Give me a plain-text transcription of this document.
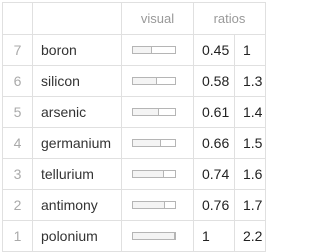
		visual	ratios	
7	boron		0.45	1
6	silicon		0.58	1.3
5	arsenic		0.61	1.4
4	germanium		0.66	1.5
3	tellurium		0.74	1.6
2	antimony		0.76	1.7
1	polonium		1	2.2
